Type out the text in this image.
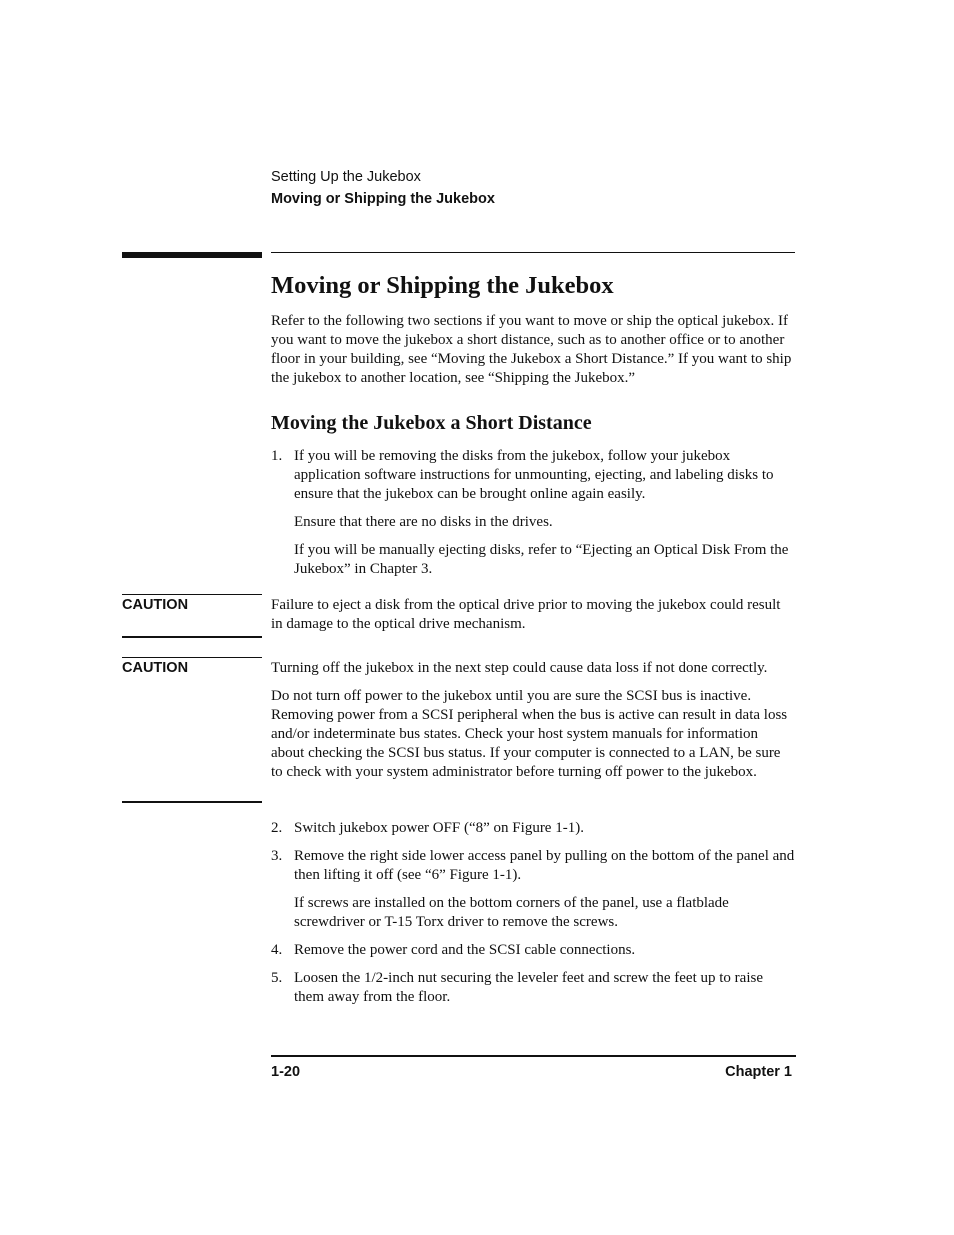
Setting Up the Jukebox
Moving or Shipping the Jukebox
Moving or Shipping the Jukebox

Refer to the following two sections if you want to move or ship the optical jukebox. If you want to move the jukebox a short distance, such as to another office or to another floor in your building, see “Moving the Jukebox a Short Distance.” If you want to ship the jukebox to another location, see “Shipping the Jukebox.”

Moving the Jukebox a Short Distance

1. If you will be removing the disks from the jukebox, follow your jukebox application software instructions for unmounting, ejecting, and labeling disks to ensure that the jukebox can be brought online again easily.

Ensure that there are no disks in the drives.

If you will be manually ejecting disks, refer to “Ejecting an Optical Disk From the Jukebox” in Chapter 3.

CAUTION	Failure to eject a disk from the optical drive prior to moving the jukebox could result in damage to the optical drive mechanism.

CAUTION	Turning off the jukebox in the next step could cause data loss if not done correctly.

Do not turn off power to the jukebox until you are sure the SCSI bus is inactive. Removing power from a SCSI peripheral when the bus is active can result in data loss and/or indeterminate bus states. Check your host system manuals for information about checking the SCSI bus status. If your computer is connected to a LAN, be sure to check with your system administrator before turning off power to the jukebox.

2. Switch jukebox power OFF (“8” on Figure 1-1).

3. Remove the right side lower access panel by pulling on the bottom of the panel and then lifting it off (see “6” Figure 1-1).

If screws are installed on the bottom corners of the panel, use a flatblade screwdriver or T-15 Torx driver to remove the screws.

4. Remove the power cord and the SCSI cable connections.

5. Loosen the 1/2-inch nut securing the leveler feet and screw the feet up to raise them away from the floor.

1-20	Chapter 1
